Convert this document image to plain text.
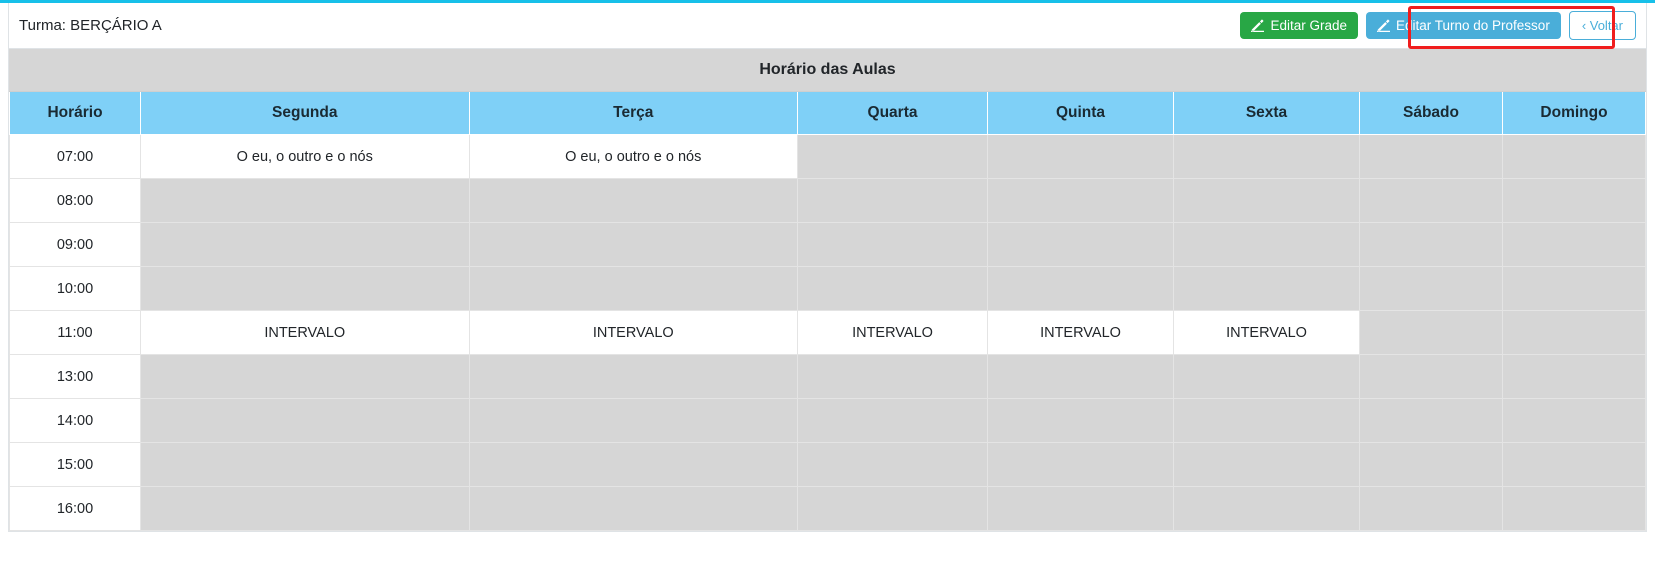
Turma: BERÇÁRIO A	Editar Grade	Editar Turno do Professor ‹ Voltar
Horário das Aulas
Horário	Segunda	Terça	Quarta	Quinta	Sexta	Sábado	Domingo
07:00	O eu, o outro e o nós	O eu, o outro e o nós					
08:00							
09:00							
10:00							
11:00	INTERVALO	INTERVALO	INTERVALO	INTERVALO	INTERVALO		
13:00							
14:00							
15:00							
16:00							
